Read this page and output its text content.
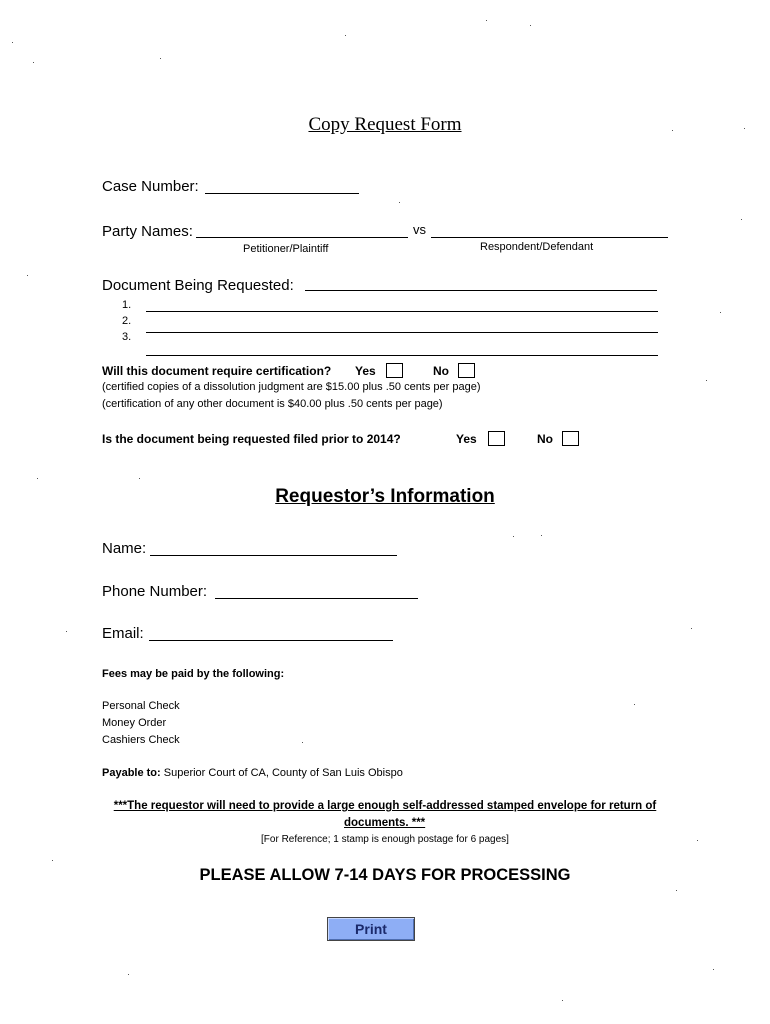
Copy Request Form
Case Number:
Party Names:	vs
Petitioner/Plaintiff	Respondent/Defendant
Document Being Requested:
1.
2.
3.
Will this document require certification? Yes	No
(certified copies of a dissolution judgment are $15.00 plus .50 cents per page)
(certification of any other document is $40.00 plus .50 cents per page)
Is the document being requested filed prior to 2014?	Yes	No
Requestor’s Information
Name:
Phone Number:
Email:
Fees may be paid by the following:
Personal Check
Money Order
Cashiers Check
Payable to: Superior Court of CA, County of San Luis Obispo
***The requestor will need to provide a large enough self-addressed stamped envelope for return of
documents. ***
[For Reference; 1 stamp is enough postage for 6 pages]
PLEASE ALLOW 7-14 DAYS FOR PROCESSING
Print
